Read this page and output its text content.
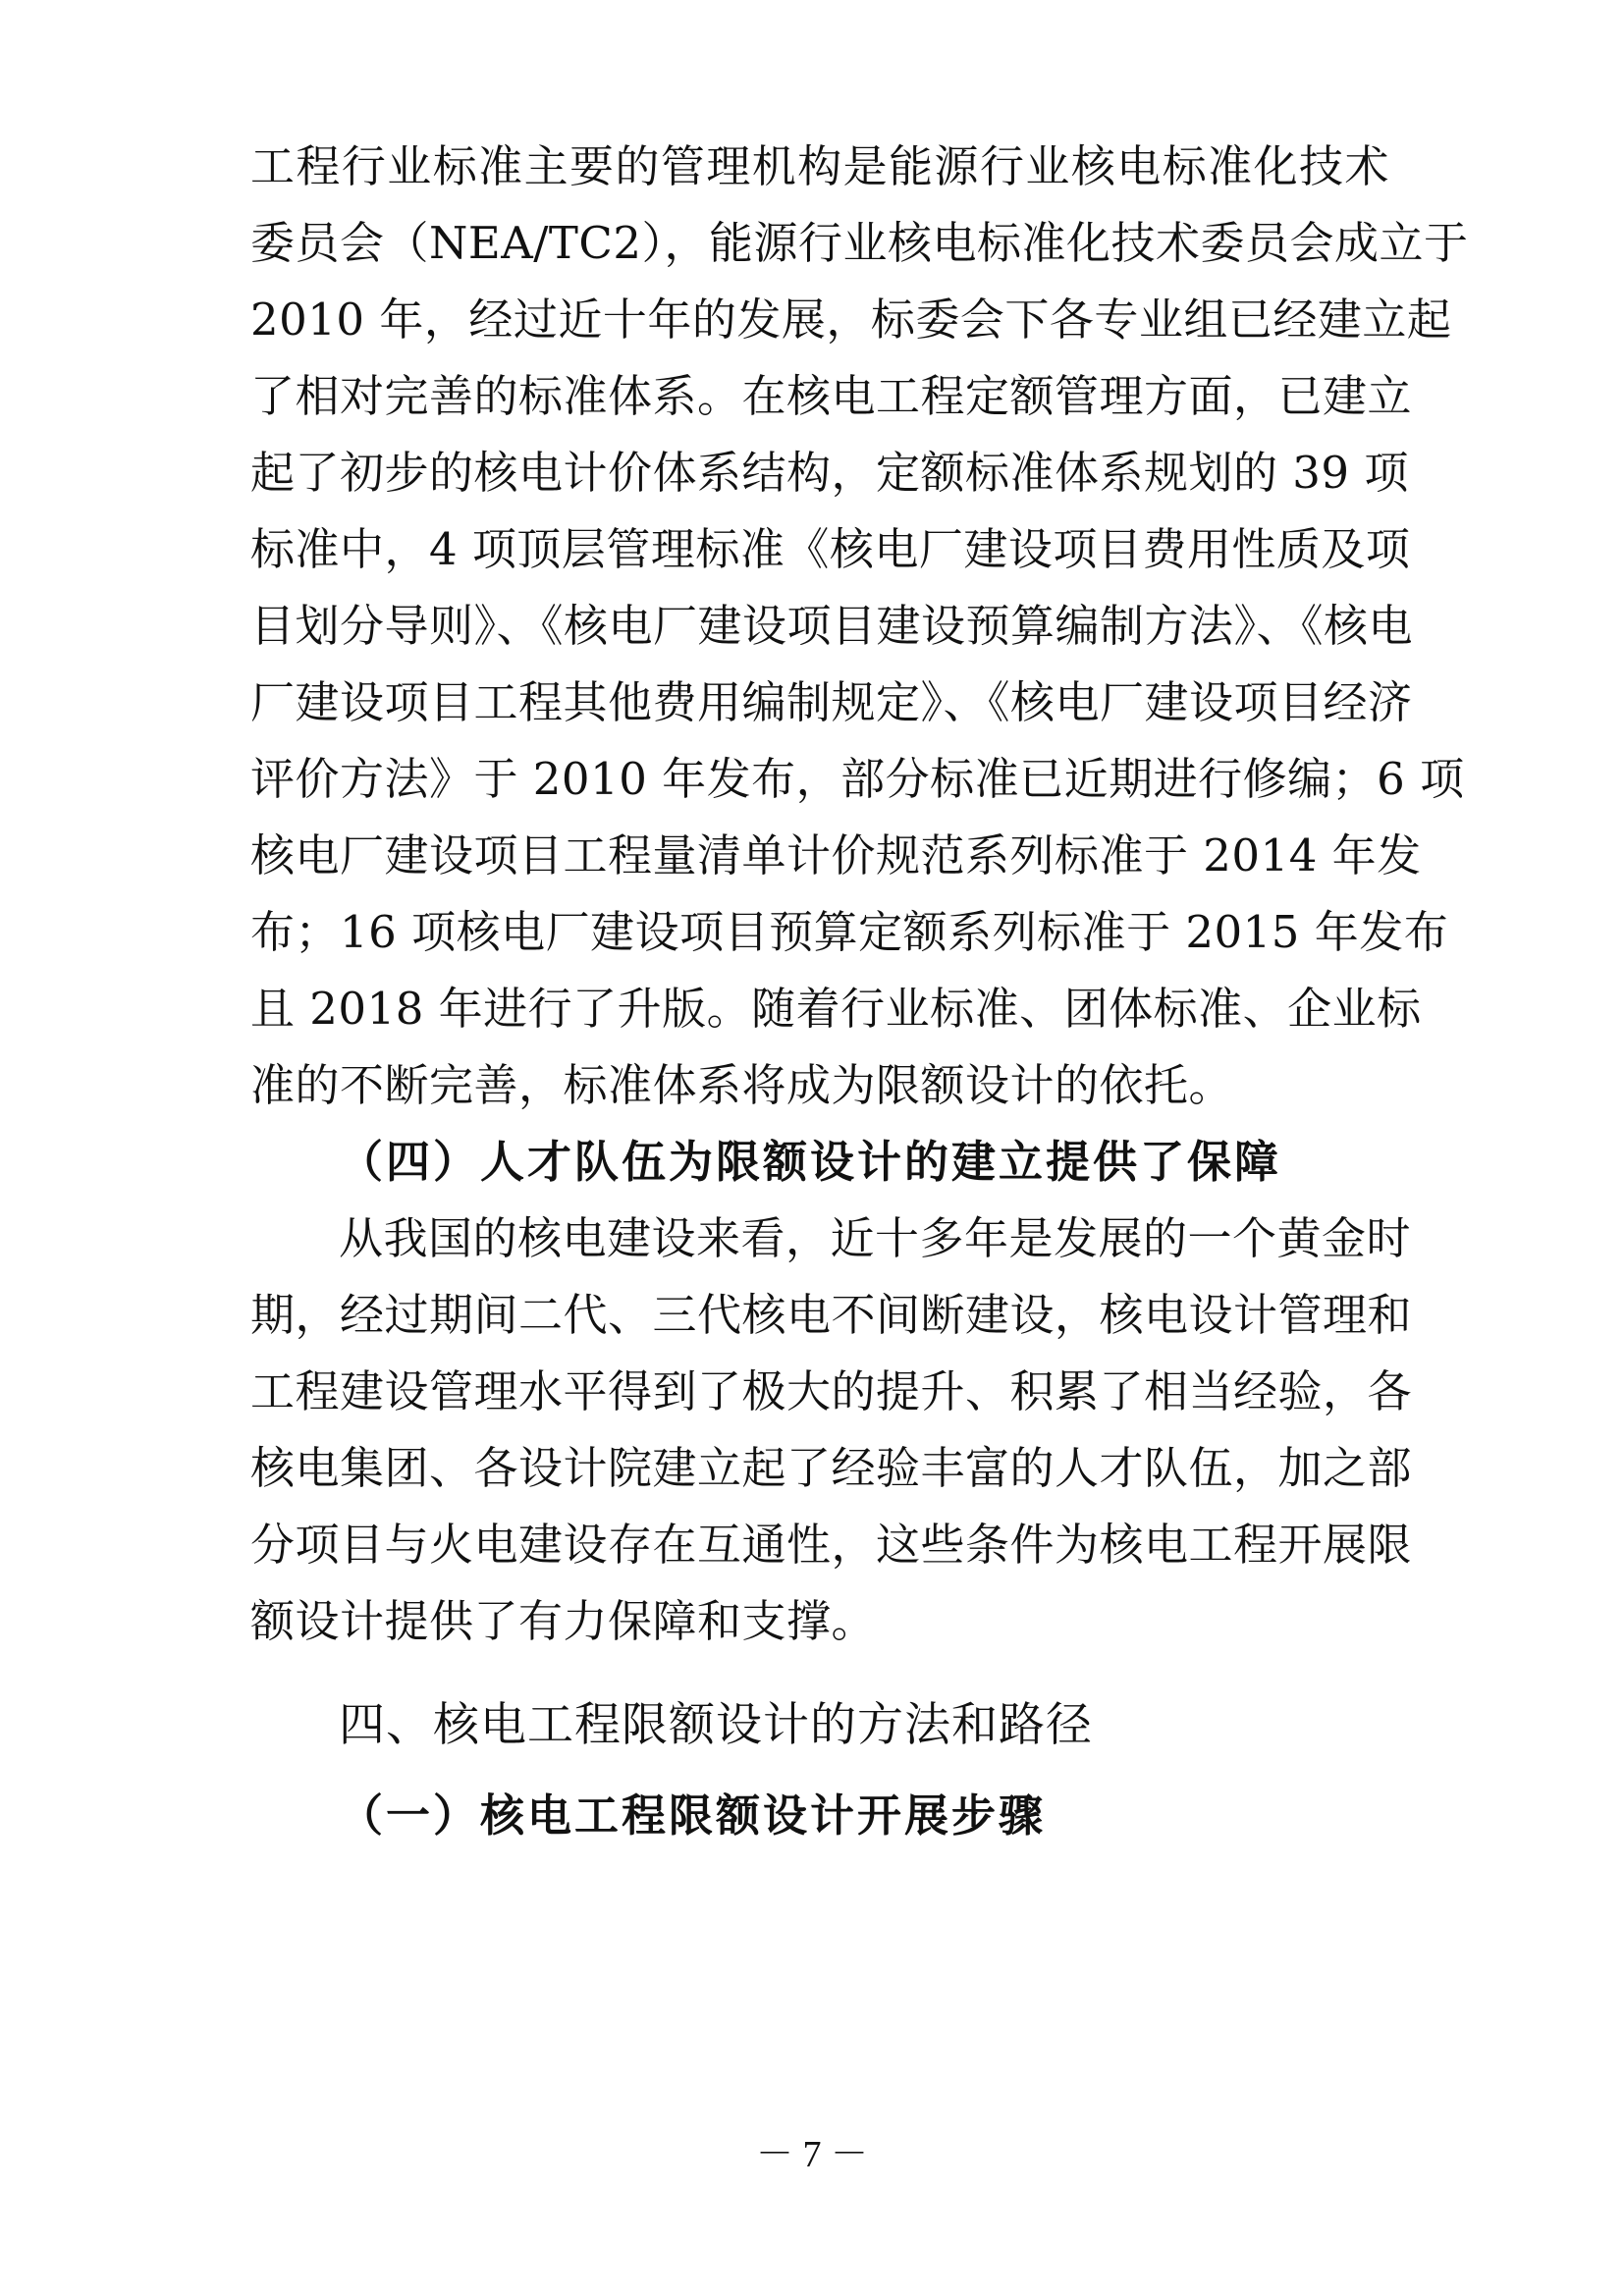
工程行业标准主要的管理机构是能源行业核电标准化技术
委员会（NEA/TC2），能源行业核电标准化技术委员会成立于
2010 年，经过近十年的发展，标委会下各专业组已经建立起
了相对完善的标准体系。在核电工程定额管理方面，已建立
起了初步的核电计价体系结构，定额标准体系规划的 39 项
标准中，4 项顶层管理标准《核电厂建设项目费用性质及项
目划分导则》、《核电厂建设项目建设预算编制方法》、《核电
厂建设项目工程其他费用编制规定》、《核电厂建设项目经济
评价方法》于 2010 年发布，部分标准已近期进行修编；6 项
核电厂建设项目工程量清单计价规范系列标准于 2014 年发
布；16 项核电厂建设项目预算定额系列标准于 2015 年发布
且 2018 年进行了升版。随着行业标准、团体标准、企业标
准的不断完善，标准体系将成为限额设计的依托。
（四）人才队伍为限额设计的建立提供了保障
从我国的核电建设来看，近十多年是发展的一个黄金时
期，经过期间二代、三代核电不间断建设，核电设计管理和
工程建设管理水平得到了极大的提升、积累了相当经验，各
核电集团、各设计院建立起了经验丰富的人才队伍，加之部
分项目与火电建设存在互通性，这些条件为核电工程开展限
额设计提供了有力保障和支撑。
四、核电工程限额设计的方法和路径
（一）核电工程限额设计开展步骤
－ 7 －
